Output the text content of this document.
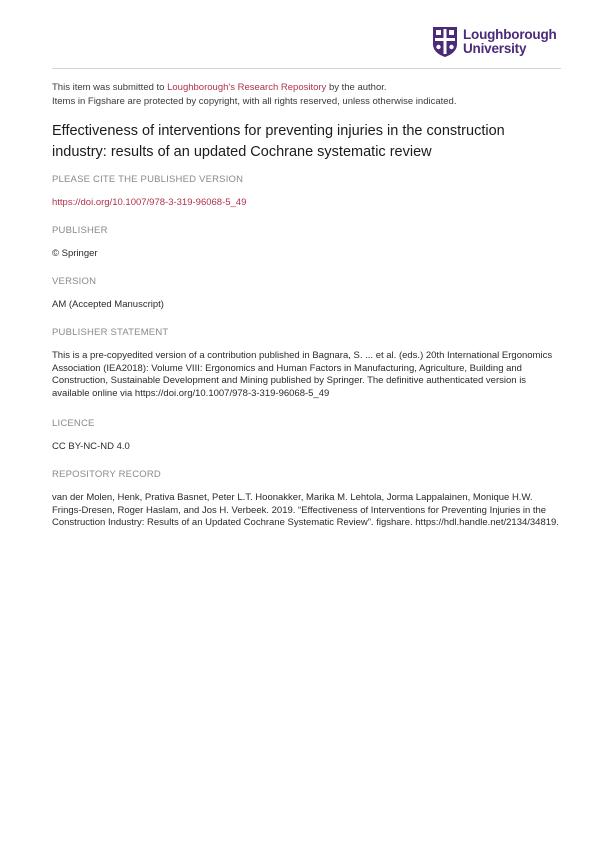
Loughborough
University
This item was submitted to Loughborough's Research Repository by the author.
Items in Figshare are protected by copyright, with all rights reserved, unless otherwise indicated.
Effectiveness of interventions for preventing injuries in the construction industry: results of an updated Cochrane systematic review
PLEASE CITE THE PUBLISHED VERSION
https://doi.org/10.1007/978-3-319-96068-5_49
PUBLISHER
© Springer
VERSION
AM (Accepted Manuscript)
PUBLISHER STATEMENT
This is a pre-copyedited version of a contribution published in Bagnara, S. ... et al. (eds.) 20th International Ergonomics Association (IEA2018): Volume VIII: Ergonomics and Human Factors in Manufacturing, Agriculture, Building and Construction, Sustainable Development and Mining published by Springer. The definitive authenticated version is available online via https://doi.org/10.1007/978-3-319-96068-5_49
LICENCE
CC BY-NC-ND 4.0
REPOSITORY RECORD
van der Molen, Henk, Prativa Basnet, Peter L.T. Hoonakker, Marika M. Lehtola, Jorma Lappalainen, Monique H.W. Frings-Dresen, Roger Haslam, and Jos H. Verbeek. 2019. “Effectiveness of Interventions for Preventing Injuries in the Construction Industry: Results of an Updated Cochrane Systematic Review”. figshare. https://hdl.handle.net/2134/34819.
